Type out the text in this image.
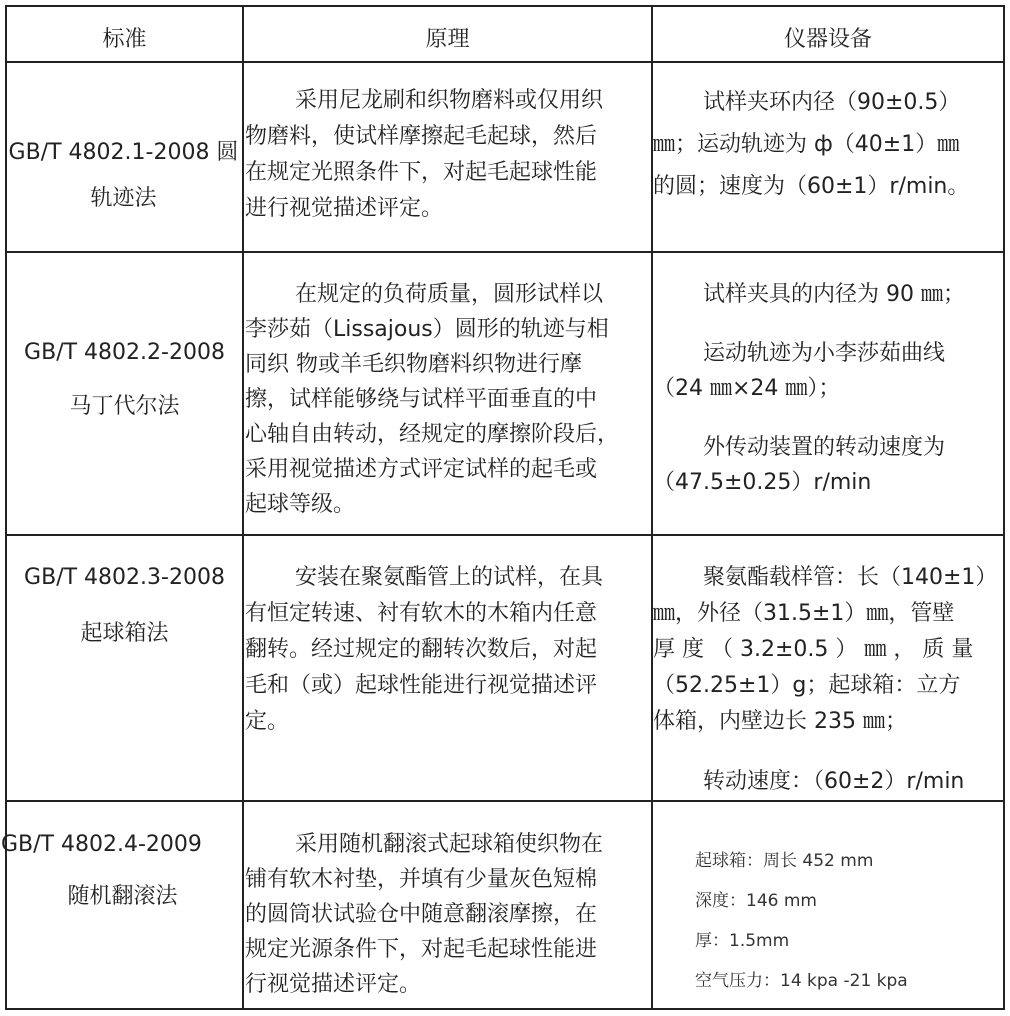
标准	原理	仪器设备

GB/T 4802.1-2008 圆

轨迹法

采用尼龙刷和织物磨料或仅用织

物磨料，使试样摩擦起毛起球，然后

在规定光照条件下，对起毛起球性能

进行视觉描述评定。

试样夹环内径（90±0.5）

㎜；运动轨迹为 ф（40±1）㎜

的圆；速度为（60±1）r/min。

GB/T 4802.2-2008

马丁代尔法

在规定的负荷质量，圆形试样以

李莎茹（Lissajous）圆形的轨迹与相

同织 物或羊毛织物磨料织物进行摩

擦，试样能够绕与试样平面垂直的中

心轴自由转动，经规定的摩擦阶段后，

采用视觉描述方式评定试样的起毛或

起球等级。

试样夹具的内径为 90 ㎜；

运动轨迹为小李莎茹曲线

（24 ㎜×24 ㎜）；

外传动装置的转动速度为

（47.5±0.25）r/min

GB/T 4802.3-2008

起球箱法

安装在聚氨酯管上的试样，在具

有恒定转速、衬有软木的木箱内任意

翻转。经过规定的翻转次数后，对起

毛和（或）起球性能进行视觉描述评

定。

聚氨酯载样管：长（140±1）

㎜，外径（31.5±1）㎜，管壁

厚 度 （ 3.2±0.5 ） ㎜ ， 质 量

（52.25±1）g；起球箱：立方

体箱，内壁边长 235 ㎜；

转动速度：（60±2）r/min

GB/T 4802.4-2009

随机翻滚法

采用随机翻滚式起球箱使织物在

铺有软木衬垫，并填有少量灰色短棉

的圆筒状试验仓中随意翻滚摩擦，在

规定光源条件下，对起毛起球性能进

行视觉描述评定。

起球箱：周长 452 mm

深度：146 mm

厚：1.5mm

空气压力：14 kpa -21 kpa
